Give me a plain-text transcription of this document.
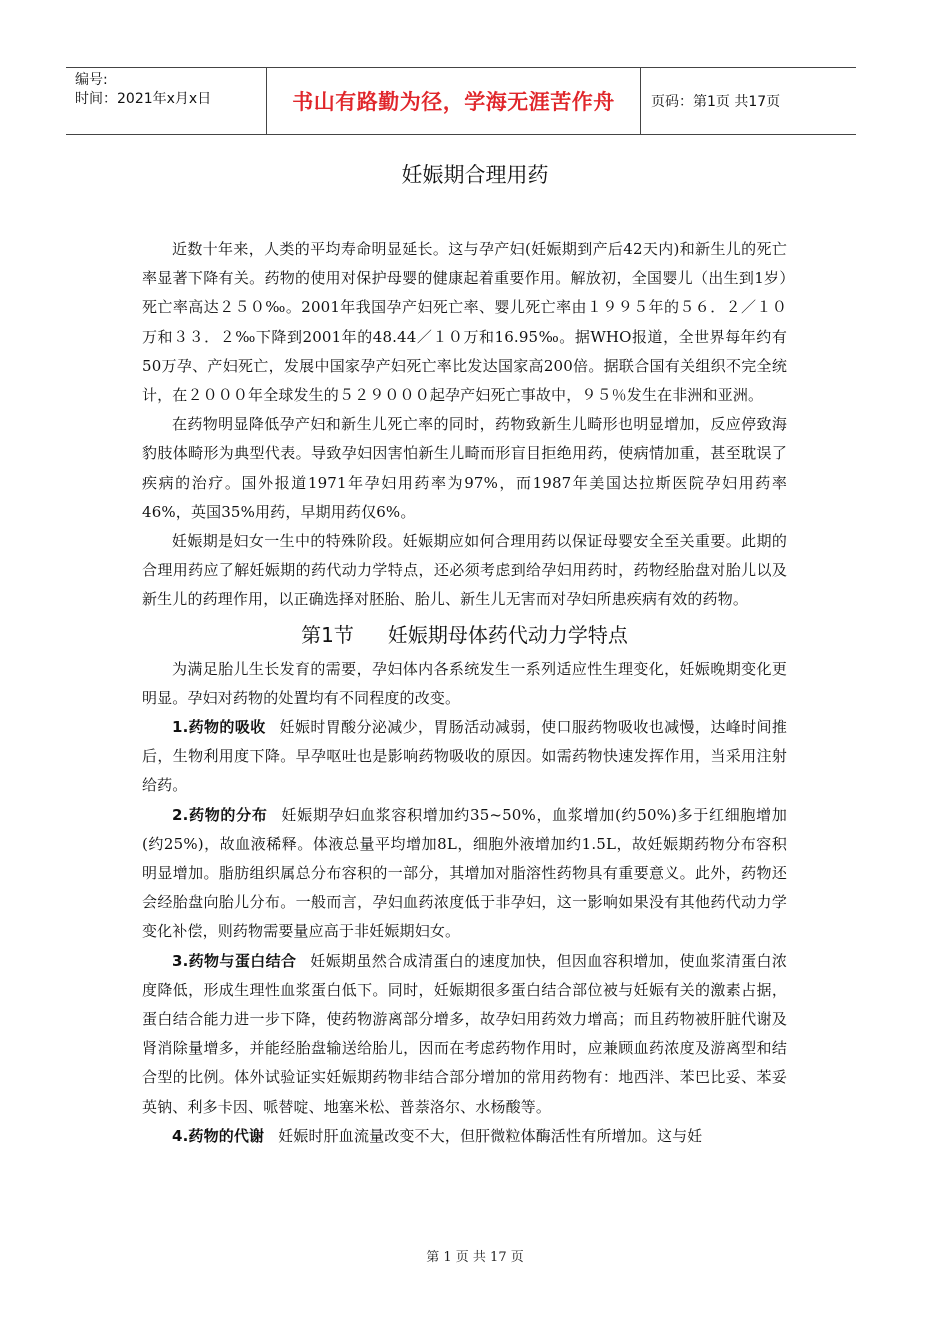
编号:
时间：2021年x月x日	书山有路勤为径，学海无涯苦作舟	页码：第1页 共17页
妊娠期合理用药

近数十年来，人类的平均寿命明显延长。这与孕产妇(妊娠期到产后42天内)和新生儿的死亡率显著下降有关。药物的使用对保护母婴的健康起着重要作用。解放初，全国婴儿（出生到1岁）死亡率高达２５０‰。2001年我国孕产妇死亡率、婴儿死亡率由１９９５年的５６．２／１０万和３３．２‰下降到2001年的48.44／１０万和16.95‰。据WHO报道，全世界每年约有50万孕、产妇死亡，发展中国家孕产妇死亡率比发达国家高200倍。据联合国有关组织不完全统计，在２０００年全球发生的５２９０００起孕产妇死亡事故中，９５％发生在非洲和亚洲。

在药物明显降低孕产妇和新生儿死亡率的同时，药物致新生儿畸形也明显增加，反应停致海豹肢体畸形为典型代表。导致孕妇因害怕新生儿畸而形盲目拒绝用药，使病情加重，甚至耽误了疾病的治疗。国外报道1971年孕妇用药率为97%，而1987年美国达拉斯医院孕妇用药率46%，英国35%用药，早期用药仅6%。

妊娠期是妇女一生中的特殊阶段。妊娠期应如何合理用药以保证母婴安全至关重要。此期的合理用药应了解妊娠期的药代动力学特点，还必须考虑到给孕妇用药时，药物经胎盘对胎儿以及新生儿的药理作用，以正确选择对胚胎、胎儿、新生儿无害而对孕妇所患疾病有效的药物。

第1节 妊娠期母体药代动力学特点

为满足胎儿生长发育的需要，孕妇体内各系统发生一系列适应性生理变化，妊娠晚期变化更明显。孕妇对药物的处置均有不同程度的改变。

1.药物的吸收 妊娠时胃酸分泌减少，胃肠活动减弱，使口服药物吸收也减慢，达峰时间推后，生物利用度下降。早孕呕吐也是影响药物吸收的原因。如需药物快速发挥作用，当采用注射给药。

2.药物的分布 妊娠期孕妇血浆容积增加约35~50%，血浆增加(约50%)多于红细胞增加(约25%)，故血液稀释。体液总量平均增加8L，细胞外液增加约1.5L，故妊娠期药物分布容积明显增加。脂肪组织属总分布容积的一部分，其增加对脂溶性药物具有重要意义。此外，药物还会经胎盘向胎儿分布。一般而言，孕妇血药浓度低于非孕妇，这一影响如果没有其他药代动力学变化补偿，则药物需要量应高于非妊娠期妇女。

3.药物与蛋白结合 妊娠期虽然合成清蛋白的速度加快，但因血容积增加，使血浆清蛋白浓度降低，形成生理性血浆蛋白低下。同时，妊娠期很多蛋白结合部位被与妊娠有关的激素占据，蛋白结合能力进一步下降，使药物游离部分增多，故孕妇用药效力增高；而且药物被肝脏代谢及肾消除量增多，并能经胎盘输送给胎儿，因而在考虑药物作用时，应兼顾血药浓度及游离型和结合型的比例。体外试验证实妊娠期药物非结合部分增加的常用药物有：地西泮、苯巴比妥、苯妥英钠、利多卡因、哌替啶、地塞米松、普萘洛尔、水杨酸等。

4.药物的代谢 妊娠时肝血流量改变不大，但肝微粒体酶活性有所增加。这与妊

第 1 页 共 17 页
